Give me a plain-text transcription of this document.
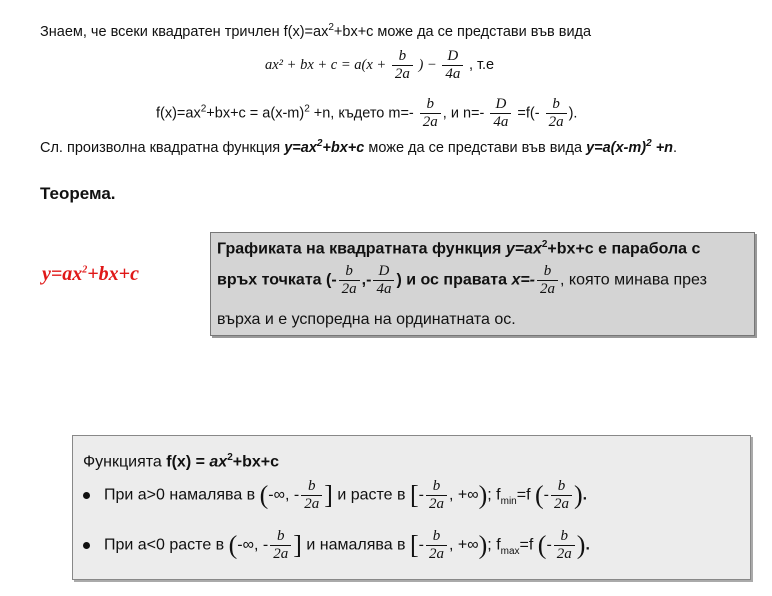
Знаем, че всеки квадратен тричлен $f(x)=ax^2+bx+c$ може да се представи във вида
ax² + bx + $c = a(x + \frac{b}{2a}$ ) − $\frac{D}{4a}$ , т.е
$f(x)=ax^2+bx+c = a(x-m)^2 +n$, където $m=- \frac{b}{2a}$ , и $n=- \frac{D}{4a} =f(- \frac{b}{2a}$ ).
Сл. произволна квадратна функция $y=ax^2+bx+c$ може да се представи във вида $y=a(x-m)^2 +n$.
Теорема.
$y=ax^2+bx+c$
Графиката на квадратната функция $y=ax^2+bx+c$ е парабола с
връх точката (- $\frac{b}{2a}$ ,- $\frac{D}{4a}$ ) и ос правата $x=- \frac{b}{2a}$ , която минава през
върха и е успоредна на ординатната ос.
Функцията $f(x) = ax^2+bx+c$
При a>0 намалява в (-∞, - $\frac{b}{2a}$ ] и расте в [- $\frac{b}{2a}$ , +∞); $f_{min}=f$ (- $\frac{b}{2a}$ ).
При a<0 расте в (-∞, - $\frac{b}{2a}$ ] и намалява в [- $\frac{b}{2a}$ , +∞); $f_{max}=f$ (- $\frac{b}{2a}$ ).
